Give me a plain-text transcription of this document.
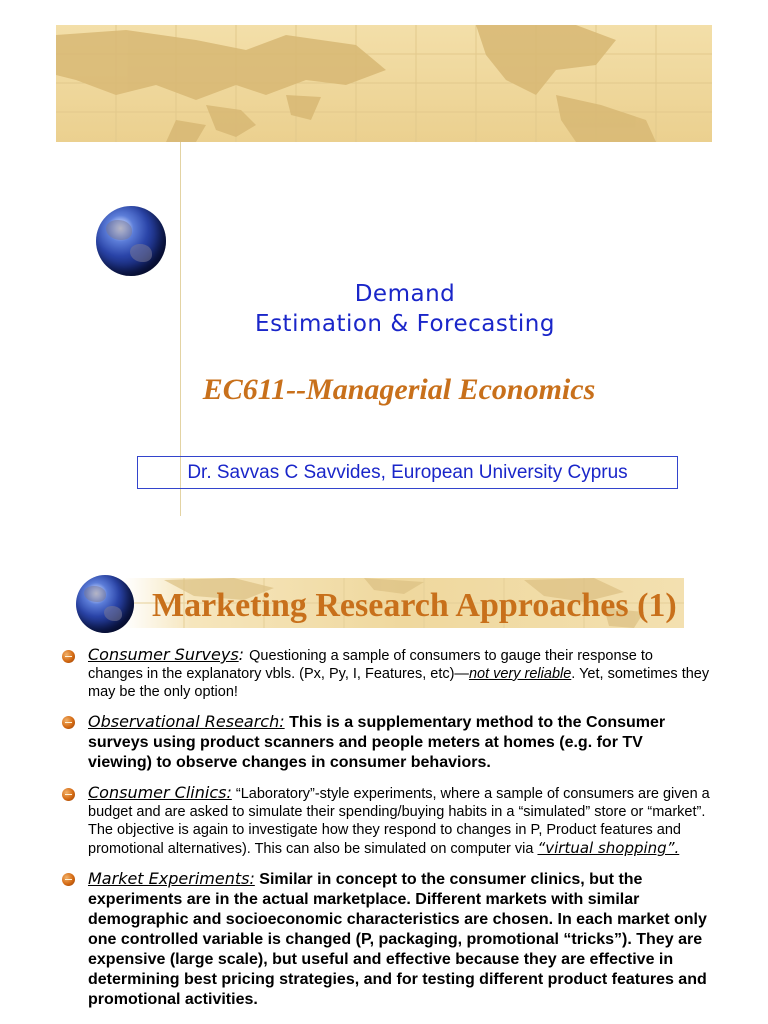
Demand
Estimation & Forecasting
EC611--Managerial Economics
Dr. Savvas C Savvides, European University Cyprus
Marketing Research Approaches (1)
Consumer Surveys: Questioning a sample of consumers to gauge their response to changes in the explanatory vbls. (Px, Py, I, Features, etc)—not very reliable. Yet, sometimes they may be the only option!
Observational Research: This is a supplementary method to the Consumer surveys using product scanners and people meters at homes (e.g. for TV viewing) to observe changes in consumer behaviors.
Consumer Clinics: “Laboratory”-style experiments, where a sample of consumers are given a budget and are asked to simulate their spending/buying habits in a “simulated” store or “market”. The objective is again to investigate how they respond to changes in P, Product features and promotional alternatives). This can also be simulated on computer via “virtual shopping”.
Market Experiments: Similar in concept to the consumer clinics, but the experiments are in the actual marketplace. Different markets with similar demographic and socioeconomic characteristics are chosen. In each market only one controlled variable is changed (P, packaging, promotional “tricks”). They are expensive (large scale), but useful and effective because they are effective in determining best pricing strategies, and for testing different product features and promotional activities.
